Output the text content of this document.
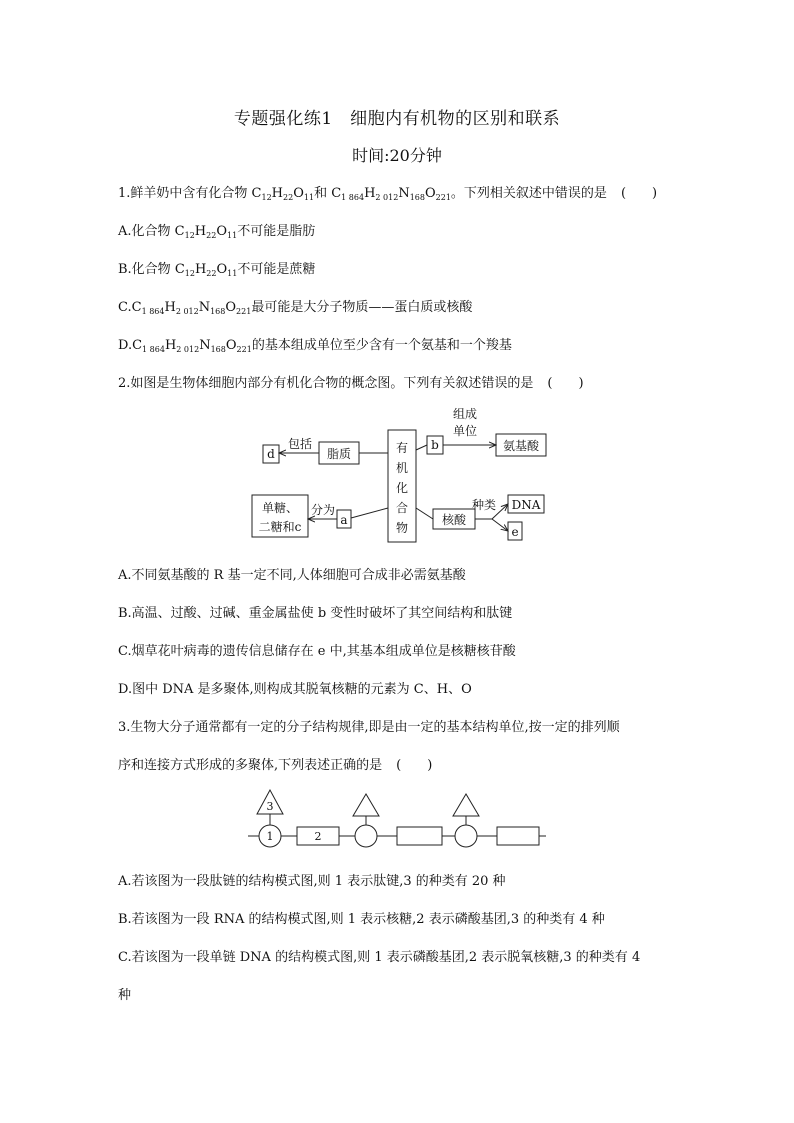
专题强化练1　细胞内有机物的区别和联系
时间:20分钟
1.鲜羊奶中含有化合物 $C_{12}H_{22}O_{11}$和 $C_{1 864}H_{2 012}N_{168}O_{221}$。下列相关叙述中错误的是 (　　)
A.化合物 $C_{12}H_{22}O_{11}$不可能是脂肪
B.化合物 $C_{12}H_{22}O_{11}$不可能是蔗糖
$C.C_{1 864}H_{2 012}N_{168}O_{221}$最可能是大分子物质——蛋白质或核酸
$D.C_{1 864}H_{2 012}N_{168}O_{221}$的基本组成单位至少含有一个氨基和一个羧基
2.如图是生物体细胞内部分有机化合物的概念图。下列有关叙述错误的是 (　　)
有
机
化
合
物
d
包括
脂质
b
组成
单位
氨基酸
单糖、
二糖和c
分为
a	核酸
种类 DNA
e
A.不同氨基酸的 R 基一定不同,人体细胞可合成非必需氨基酸
B.高温、过酸、过碱、重金属盐使 b 变性时破坏了其空间结构和肽键
C.烟草花叶病毒的遗传信息储存在 e 中,其基本组成单位是核糖核苷酸
D.图中 DNA 是多聚体,则构成其脱氧核糖的元素为 C、H、O
3.生物大分子通常都有一定的分子结构规律,即是由一定的基本结构单位,按一定的排列顺
序和连接方式形成的多聚体,下列表述正确的是 (　　)
3
1	2
A.若该图为一段肽链的结构模式图,则 1 表示肽键,3 的种类有 20 种
B.若该图为一段 RNA 的结构模式图,则 1 表示核糖,2 表示磷酸基团,3 的种类有 4 种
C.若该图为一段单链 DNA 的结构模式图,则 1 表示磷酸基团,2 表示脱氧核糖,3 的种类有 4
种
